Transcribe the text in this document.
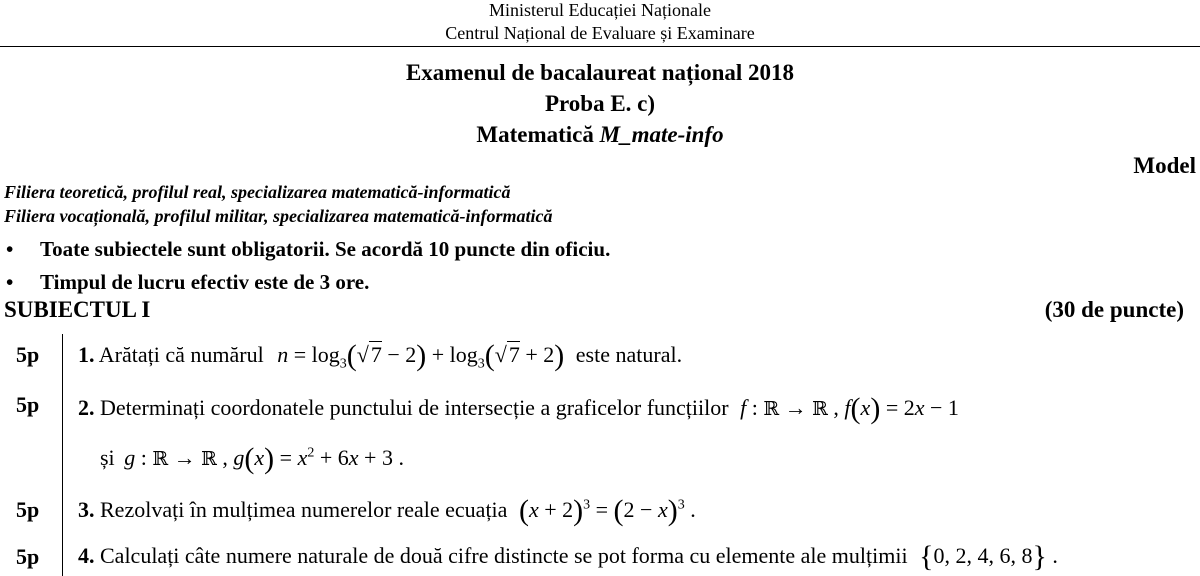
Ministerul Educației Naționale
Centrul Național de Evaluare și Examinare
Examenul de bacalaureat național 2018
Proba E. c)
Matematică M_mate-info
Model
Filiera teoretică, profilul real, specializarea matematică-informatică
Filiera vocațională, profilul militar, specializarea matematică-informatică
• Toate subiectele sunt obligatorii. Se acordă 10 puncte din oficiu.
• Timpul de lucru efectiv este de 3 ore.
SUBIECTUL I	(30 de puncte)
5p 1. Arătați că numărul $n = \log_3(√7 - 2) + \log_3(√7 + 2)$ este natural.
5p 2. Determinați coordonatele punctului de intersecție a graficelor funcțiilor f : ℝ → ℝ , f(x) = 2x − 1
și g : ℝ → ℝ , $g(x) = x^2 + 6x + 3$ .
5p 3. Rezolvați în mulțimea numerelor reale ecuația $(x + 2)^3 = (2 - x)^3$ .
5p 4. Calculați câte numere naturale de două cifre distincte se pot forma cu elemente ale mulțimii {0, 2, 4, 6, 8} .
